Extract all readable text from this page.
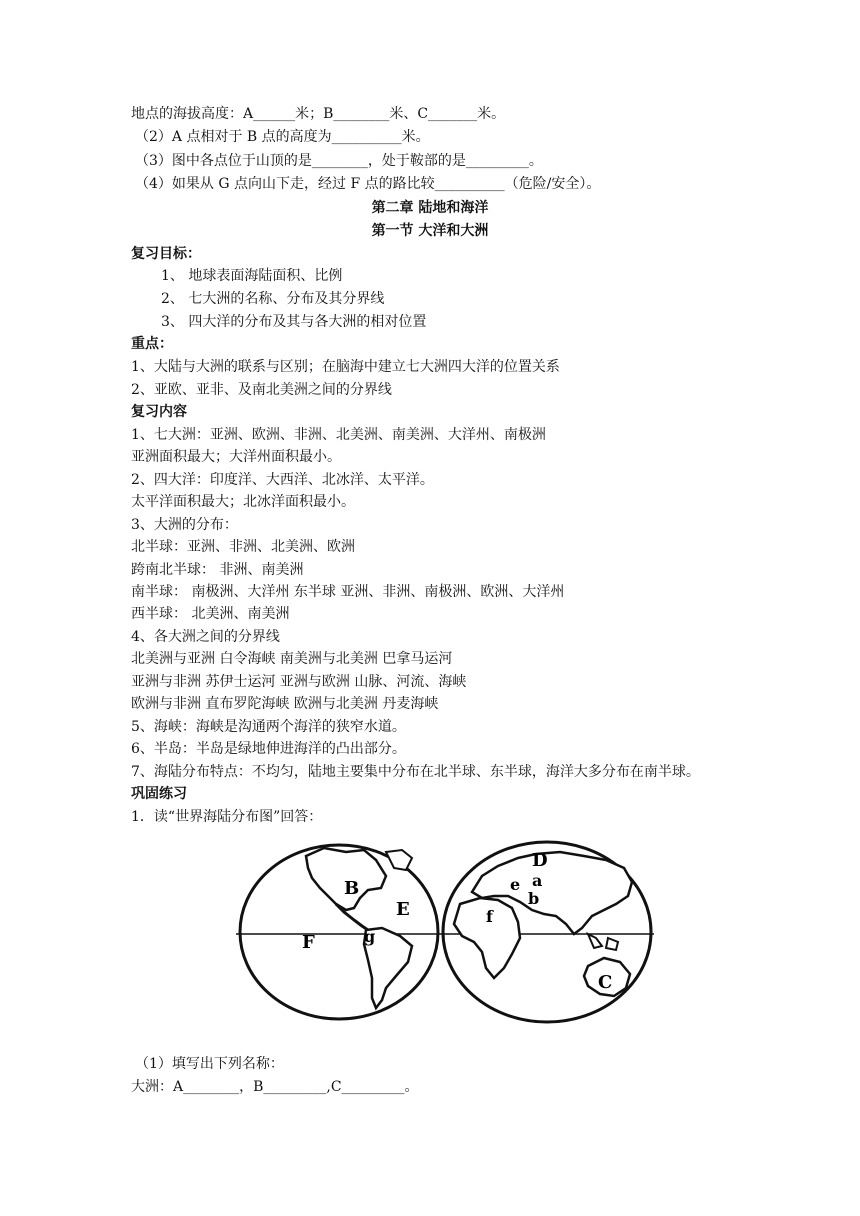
地点的海拔高度：A______米；B________米、C_______米。
（2）A 点相对于 B 点的高度为__________米。
（3）图中各点位于山顶的是________，处于鞍部的是_________。
（4）如果从 G 点向山下走，经过 F 点的路比较__________（危险/安全）。
第二章 陆地和海洋
第一节 大洋和大洲
复习目标：
1、 地球表面海陆面积、比例
2、 七大洲的名称、分布及其分界线
3、 四大洋的分布及其与各大洲的相对位置
重点：
1、大陆与大洲的联系与区别；在脑海中建立七大洲四大洋的位置关系
2、亚欧、亚非、及南北美洲之间的分界线
复习内容
1、七大洲：亚洲、欧洲、非洲、北美洲、南美洲、大洋州、南极洲
亚洲面积最大；大洋州面积最小。
2、四大洋：印度洋、大西洋、北冰洋、太平洋。
太平洋面积最大；北冰洋面积最小。
3、大洲的分布：
北半球：亚洲、非洲、北美洲、欧洲
跨南北半球： 非洲、南美洲
南半球： 南极洲、大洋州 东半球 亚洲、非洲、南极洲、欧洲、大洋州
西半球： 北美洲、南美洲
4、各大洲之间的分界线
北美洲与亚洲 白令海峡 南美洲与北美洲 巴拿马运河
亚洲与非洲 苏伊士运河 亚洲与欧洲 山脉、河流、海峡
欧洲与非洲 直布罗陀海峡 欧洲与北美洲 丹麦海峡
5、海峡：海峡是沟通两个海洋的狭窄水道。
6、半岛：半岛是绿地伸进海洋的凸出部分。
7、海陆分布特点：不均匀，陆地主要集中分布在北半球、东半球，海洋大多分布在南半球。
巩固练习
1．读“世界海陆分布图”回答：
B
E
F	g
D
a
e
b
f
C
（1）填写出下列名称：
大洲：A________，B_________,C_________。
